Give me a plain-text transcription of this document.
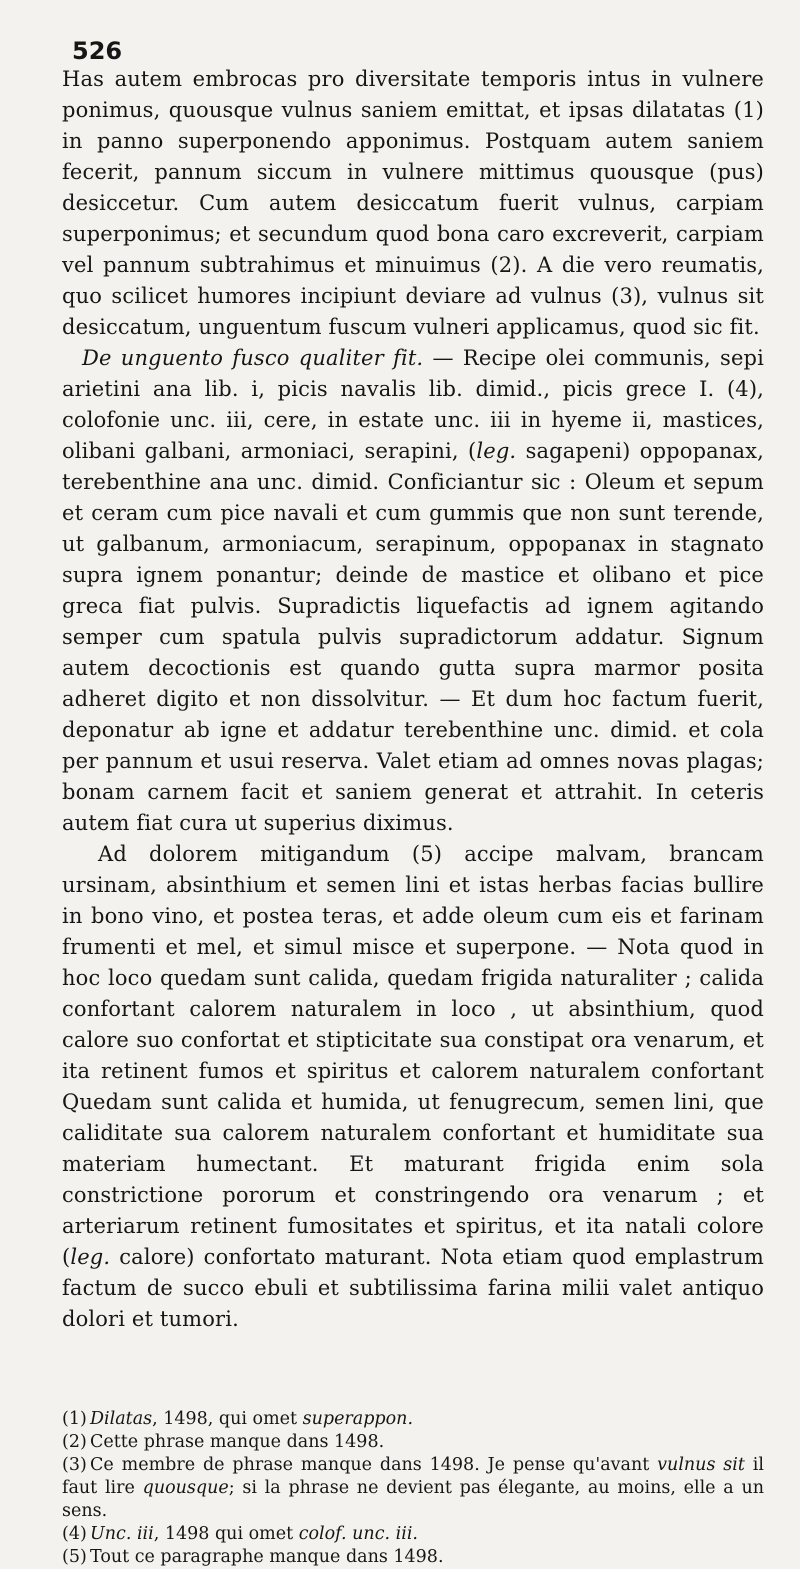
526

Has autem embrocas pro diversitate temporis intus in vulnere ponimus, quousque vulnus saniem emittat, et ipsas dilatatas (1) in panno superponendo apponimus. Postquam autem saniem fecerit, pannum siccum in vulnere mittimus quousque (pus) desiccetur. Cum autem desiccatum fuerit vulnus, carpiam superponimus; et secundum quod bona caro excreverit, carpiam vel pannum subtrahimus et minuimus (2). A die vero reumatis, quo scilicet humores incipiunt deviare ad vulnus (3), vulnus sit desiccatum, unguentum fuscum vulneri applicamus, quod sic fit.

De unguento fusco qualiter fit. — Recipe olei communis, sepi arietini ana lib. i, picis navalis lib. dimid., picis grece I. (4), colofonie unc. iii, cere, in estate unc. iii in hyeme ii, mastices, olibani galbani, armoniaci, serapini, (leg. sagapeni) oppopanax, terebenthine ana unc. dimid. Conficiantur sic : Oleum et sepum et ceram cum pice navali et cum gummis que non sunt terende, ut galbanum, armoniacum, serapinum, oppopanax in stagnato supra ignem ponantur; deinde de mastice et olibano et pice greca fiat pulvis. Supradictis liquefactis ad ignem agitando semper cum spatula pulvis supradictorum addatur. Signum autem decoctionis est quando gutta supra marmor posita adheret digito et non dissolvitur. — Et dum hoc factum fuerit, deponatur ab igne et addatur terebenthine unc. dimid. et cola per pannum et usui reserva. Valet etiam ad omnes novas plagas; bonam carnem facit et saniem generat et attrahit. In ceteris autem fiat cura ut superius diximus.

Ad dolorem mitigandum (5) accipe malvam, brancam ursinam, absinthium et semen lini et istas herbas facias bullire in bono vino, et postea teras, et adde oleum cum eis et farinam frumenti et mel, et simul misce et superpone. — Nota quod in hoc loco quedam sunt calida, quedam frigida naturaliter ; calida confortant calorem naturalem in loco , ut absinthium, quod calore suo confortat et stipticitate sua constipat ora venarum, et ita retinent fumos et spiritus et calorem naturalem confortant Quedam sunt calida et humida, ut fenugrecum, semen lini, que caliditate sua calorem naturalem confortant et humiditate sua materiam humectant. Et maturant frigida enim sola constrictione pororum et constringendo ora venarum ; et arteriarum retinent fumositates et spiritus, et ita natali colore (leg. calore) confortato maturant. Nota etiam quod emplastrum factum de succo ebuli et subtilissima farina milii valet antiquo dolori et tumori.

(1) Dilatas, 1498, qui omet superappon.
(2) Cette phrase manque dans 1498.
(3) Ce membre de phrase manque dans 1498. Je pense qu'avant vulnus sit il faut lire quousque; si la phrase ne devient pas élegante, au moins, elle a un sens.
(4) Unc. iii, 1498 qui omet colof. unc. iii.
(5) Tout ce paragraphe manque dans 1498.
